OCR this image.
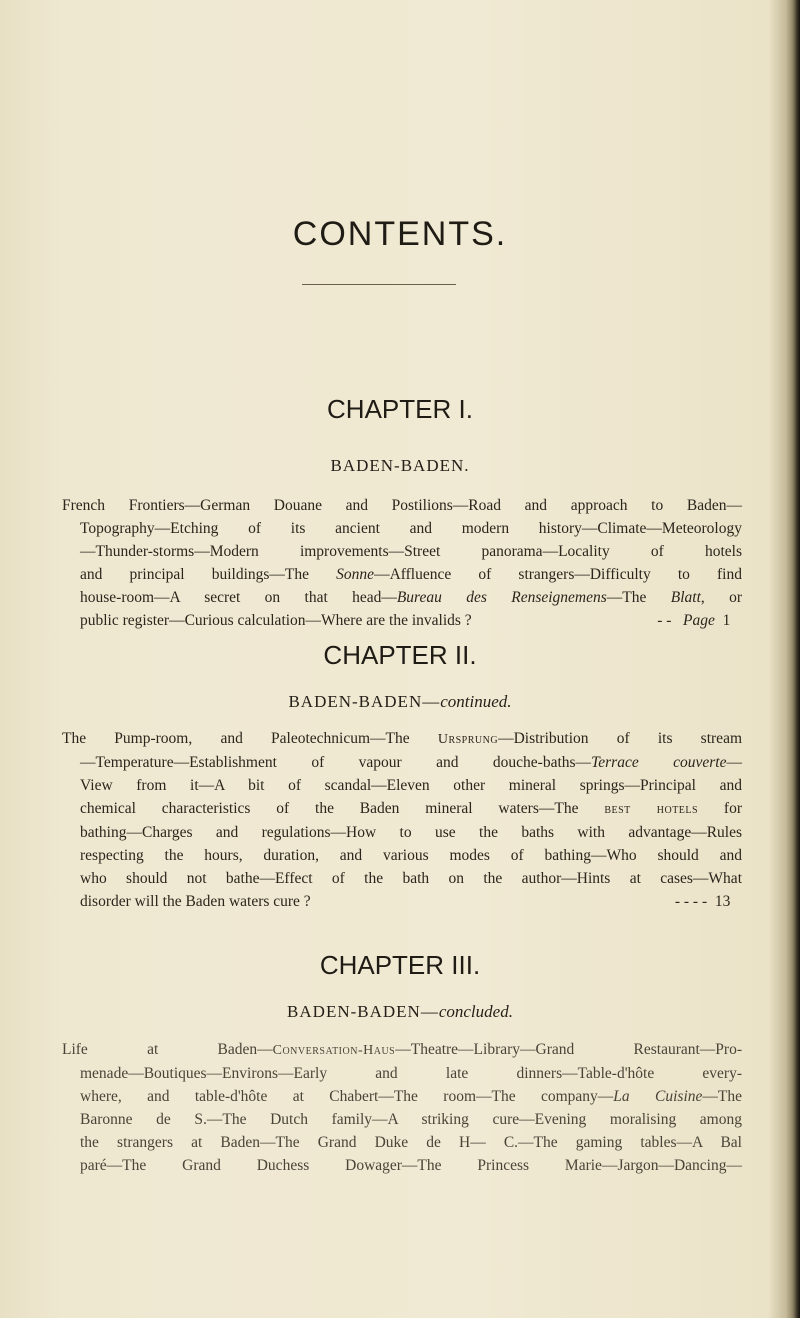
CONTENTS.
CHAPTER I.
BADEN-BADEN.
French Frontiers—German Douane and Postilions—Road and approach to Baden—
Topography—Etching of its ancient and modern history—Climate—Meteorology
—Thunder-storms—Modern improvements—Street panorama—Locality of hotels
and principal buildings—The Sonne—Affluence of strangers—Difficulty to find
house-room—A secret on that head—Bureau des Renseignemens—The Blatt, or
public register—Curious calculation—Where are the invalids ?	- - Page 1
CHAPTER II.
BADEN-BADEN—continued.
The Pump-room, and Paleotechnicum—The Ursprung—Distribution of its stream
—Temperature—Establishment of vapour and douche-baths—Terrace couverte—
View from it—A bit of scandal—Eleven other mineral springs—Principal and
chemical characteristics of the Baden mineral waters—The best hotels for
bathing—Charges and regulations—How to use the baths with advantage—Rules
respecting the hours, duration, and various modes of bathing—Who should and
who should not bathe—Effect of the bath on the author—Hints at cases—What
disorder will the Baden waters cure ?	- - - - 13
CHAPTER III.
BADEN-BADEN—concluded.
Life at Baden—Conversation-Haus—Theatre—Library—Grand Restaurant—Pro-
menade—Boutiques—Environs—Early and late dinners—Table-d'hôte every-
where, and table-d'hôte at Chabert—The room—The company—La Cuisine—The
Baronne de S.—The Dutch family—A striking cure—Evening moralising among
the strangers at Baden—The Grand Duke de H— C.—The gaming tables—A Bal
paré—The Grand Duchess Dowager—The Princess Marie—Jargon—Dancing—
